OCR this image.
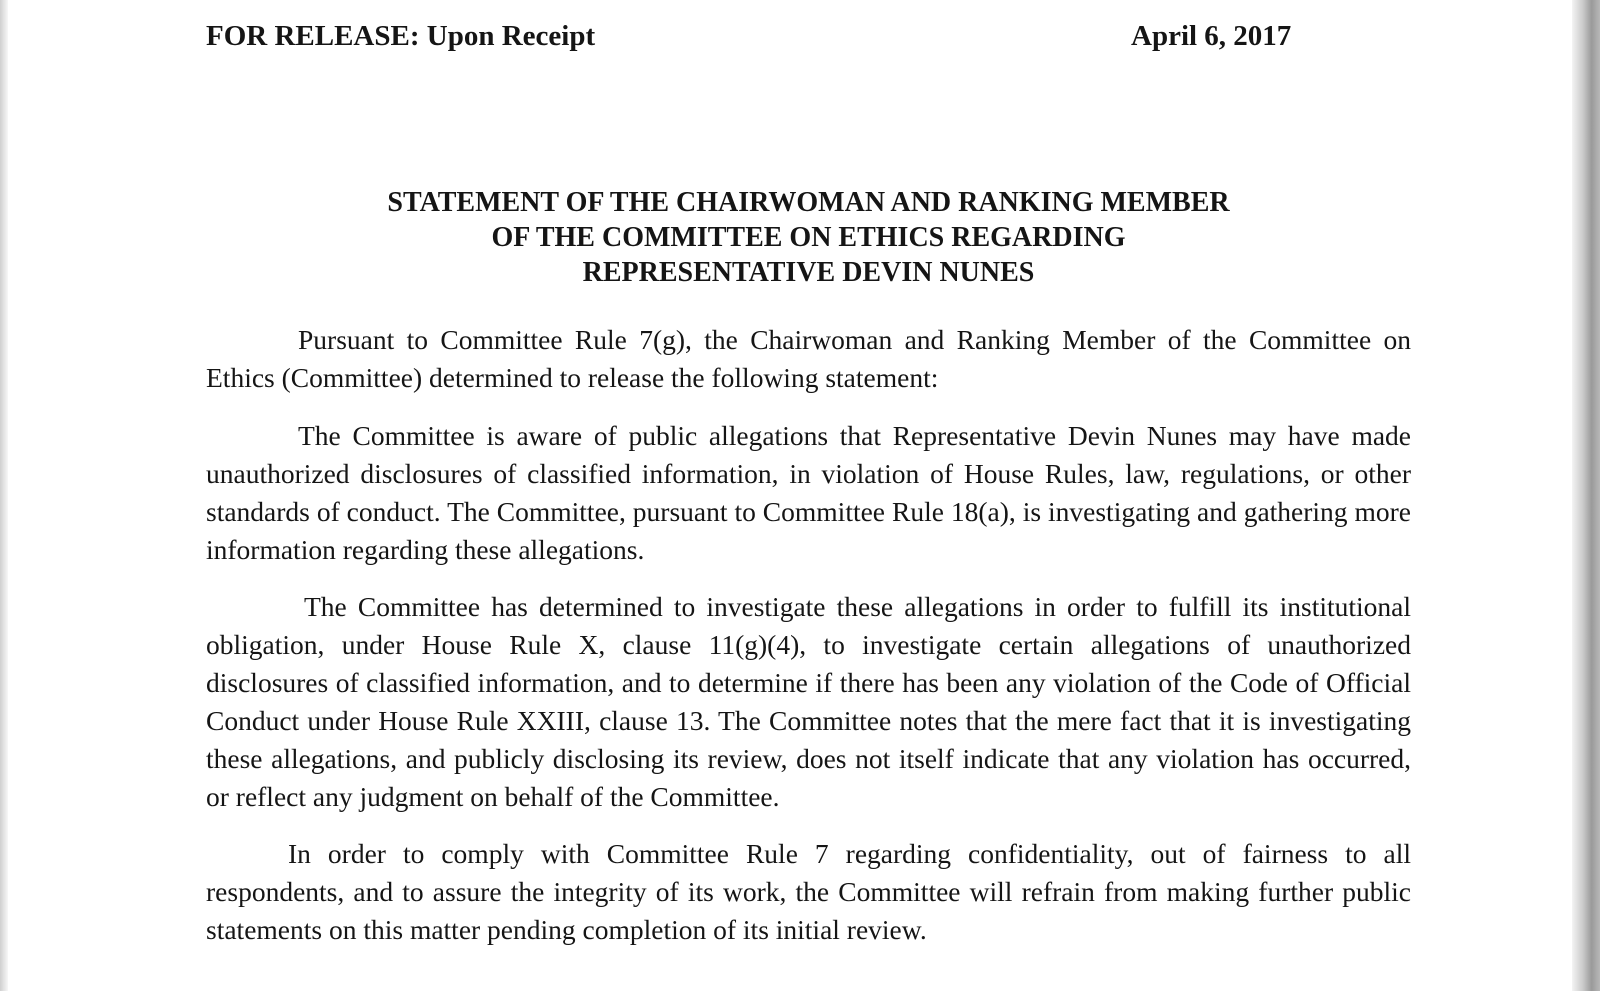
FOR RELEASE: Upon Receipt	April 6, 2017
STATEMENT OF THE CHAIRWOMAN AND RANKING MEMBER
OF THE COMMITTEE ON ETHICS REGARDING
REPRESENTATIVE DEVIN NUNES

Pursuant to Committee Rule 7(g), the Chairwoman and Ranking Member of the Committee on Ethics (Committee) determined to release the following statement:

The Committee is aware of public allegations that Representative Devin Nunes may have made unauthorized disclosures of classified information, in violation of House Rules, law, regulations, or other standards of conduct. The Committee, pursuant to Committee Rule 18(a), is investigating and gathering more information regarding these allegations.

The Committee has determined to investigate these allegations in order to fulfill its institutional obligation, under House Rule X, clause 11(g)(4), to investigate certain allegations of unauthorized disclosures of classified information, and to determine if there has been any violation of the Code of Official Conduct under House Rule XXIII, clause 13. The Committee notes that the mere fact that it is investigating these allegations, and publicly disclosing its review, does not itself indicate that any violation has occurred, or reflect any judgment on behalf of the Committee.

In order to comply with Committee Rule 7 regarding confidentiality, out of fairness to all respondents, and to assure the integrity of its work, the Committee will refrain from making further public statements on this matter pending completion of its initial review.
